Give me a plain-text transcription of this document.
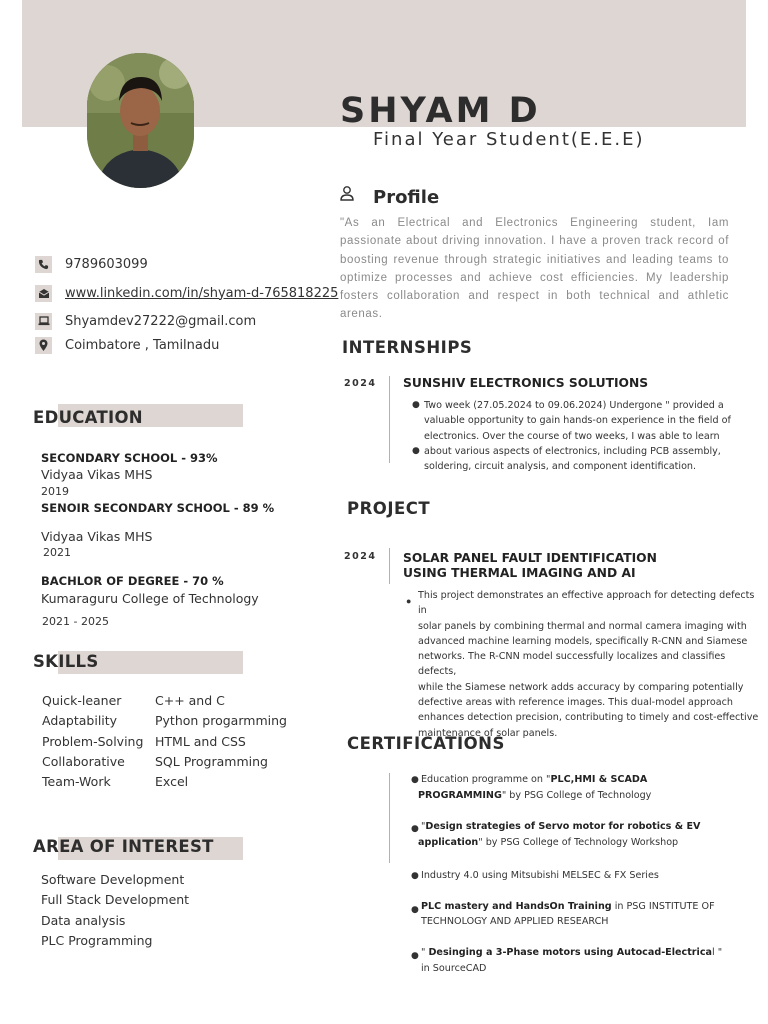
SHYAM D
Final Year Student(E.E.E)
Profile

"As an Electrical and Electronics Engineering student, Iam passionate about driving innovation. I have a proven track record of boosting revenue through strategic initiatives and leading teams to optimize processes and achieve cost efficiencies. My leadership fosters collaboration and respect in both technical and athletic arenas.

9789603099
www.linkedin.com/in/shyam-d-765818225
Shyamdev27222@gmail.com
Coimbatore , Tamilnadu
EDUCATION
SECONDARY SCHOOL - 93%
Vidyaa Vikas MHS
2019
SENOIR SECONDARY SCHOOL - 89 %
Vidyaa Vikas MHS
2021
BACHLOR OF DEGREE - 70 %
Kumaraguru College of Technology
2021 - 2025
SKILLS
Quick-leaner
Adaptability
Problem-Solving
Collaborative
Team-Work
C++ and C
Python progarmming
HTML and CSS
SQL Programming
Excel
AREA OF INTEREST
Software Development
Full Stack Development
Data analysis
PLC Programming
INTERNSHIPS
2024 SUNSHIV ELECTRONICS SOLUTIONS
● Two week (27.05.2024 to 09.06.2024) Undergone " provided a
valuable opportunity to gain hands-on experience in the field of
electronics. Over the course of two weeks, I was able to learn
● about various aspects of electronics, including PCB assembly,
soldering, circuit analysis, and component identification.
PROJECT
2024 SOLAR PANEL FAULT IDENTIFICATION
USING THERMAL IMAGING AND AI
● This project demonstrates an effective approach for detecting defects in
solar panels by combining thermal and normal camera imaging with
advanced machine learning models, specifically R-CNN and Siamese
networks. The R-CNN model successfully localizes and classifies defects,
while the Siamese network adds accuracy by comparing potentially
defective areas with reference images. This dual-model approach
enhances detection precision, contributing to timely and cost-effective
maintenance of solar panels.
CERTIFICATIONS
● Education programme on "PLC,HMI & SCADA
PROGRAMMING" by PSG College of Technology
● "Design strategies of Servo motor for robotics & EV
application" by PSG College of Technology Workshop
● Industry 4.0 using Mitsubishi MELSEC & FX Series
● PLC mastery and HandsOn Training in PSG INSTITUTE OF
TECHNOLOGY AND APPLIED RESEARCH
● " Desinging a 3-Phase motors using Autocad-Electrical "
in SourceCAD
